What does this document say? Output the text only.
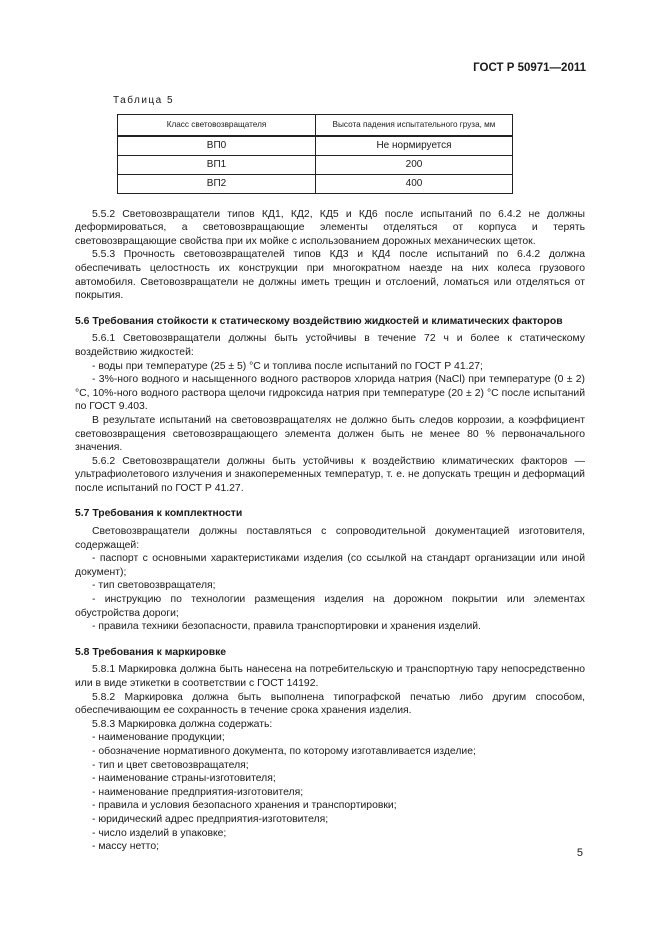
ГОСТ Р 50971—2011
Таблица 5
Класс световозвращателя	Высота падения испытательного груза, мм
ВП0	Не нормируется
ВП1	200
ВП2	400

5.5.2 Световозвращатели типов КД1, КД2, КД5 и КД6 после испытаний по 6.4.2 не должны деформироваться, а световозвращающие элементы отделяться от корпуса и терять световозвращающие свойства при их мойке с использованием дорожных механических щеток.

5.5.3 Прочность световозвращателей типов КД3 и КД4 после испытаний по 6.4.2 должна обеспечивать целостность их конструкции при многократном наезде на них колеса грузового автомобиля. Световозвращатели не должны иметь трещин и отслоений, ломаться или отделяться от покрытия.

5.6 Требования стойкости к статическому воздействию жидкостей и климатических факторов

5.6.1 Световозвращатели должны быть устойчивы в течение 72 ч и более к статическому воздействию жидкостей:

- воды при температуре (25 ± 5) °С и топлива после испытаний по ГОСТ Р 41.27;

- 3%-ного водного и насыщенного водного растворов хлорида натрия (NaCl) при температуре (0 ± 2) °С, 10%-ного водного раствора щелочи гидроксида натрия при температуре (20 ± 2) °С после испытаний по ГОСТ 9.403.

В результате испытаний на световозвращателях не должно быть следов коррозии, а коэффициент световозвращения световозвращающего элемента должен быть не менее 80 % первоначального значения.

5.6.2 Световозвращатели должны быть устойчивы к воздействию климатических факторов — ультрафиолетового излучения и знакопеременных температур, т. е. не допускать трещин и деформаций после испытаний по ГОСТ Р 41.27.

5.7 Требования к комплектности

Световозвращатели должны поставляться с сопроводительной документацией изготовителя, содержащей:

- паспорт с основными характеристиками изделия (со ссылкой на стандарт организации или иной документ);

- тип световозвращателя;

- инструкцию по технологии размещения изделия на дорожном покрытии или элементах обустройства дороги;

- правила техники безопасности, правила транспортировки и хранения изделий.

5.8 Требования к маркировке

5.8.1 Маркировка должна быть нанесена на потребительскую и транспортную тару непосредственно или в виде этикетки в соответствии с ГОСТ 14192.

5.8.2 Маркировка должна быть выполнена типографской печатью либо другим способом, обеспечивающим ее сохранность в течение срока хранения изделия.

5.8.3 Маркировка должна содержать:

- наименование продукции;

- обозначение нормативного документа, по которому изготавливается изделие;

- тип и цвет световозвращателя;

- наименование страны-изготовителя;

- наименование предприятия-изготовителя;

- правила и условия безопасного хранения и транспортировки;

- юридический адрес предприятия-изготовителя;

- число изделий в упаковке;

- массу нетто;

5
